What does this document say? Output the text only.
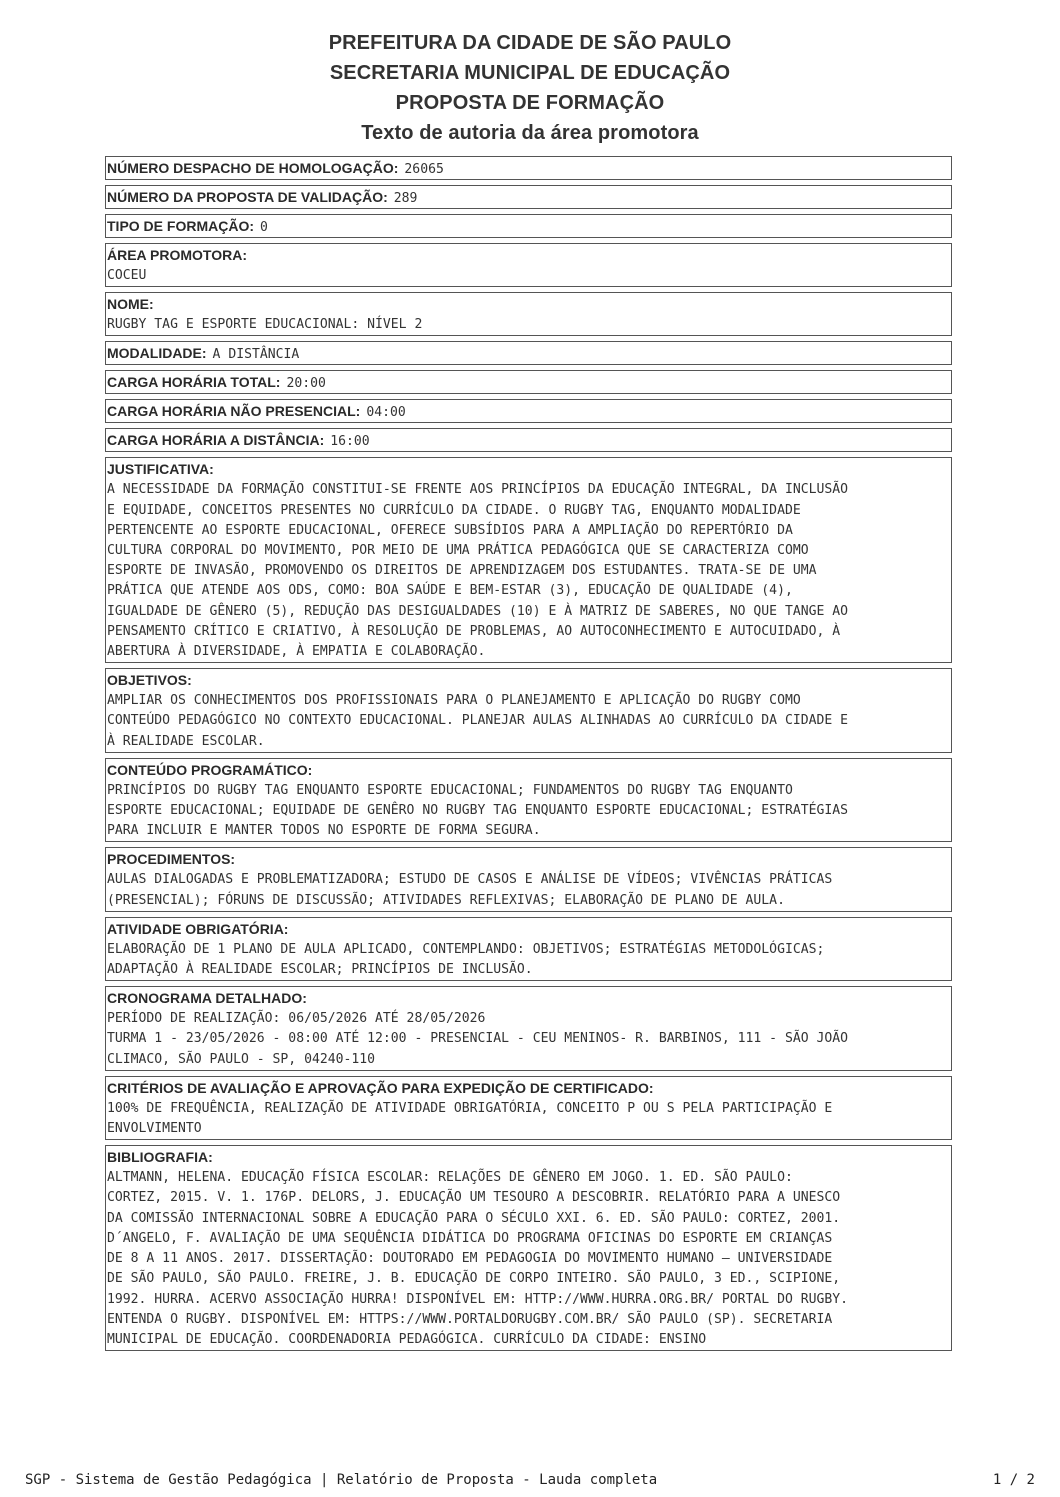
PREFEITURA DA CIDADE DE SÃO PAULO
SECRETARIA MUNICIPAL DE EDUCAÇÃO
PROPOSTA DE FORMAÇÃO
Texto de autoria da área promotora
NÚMERO DESPACHO DE HOMOLOGAÇÃO: 26065
NÚMERO DA PROPOSTA DE VALIDAÇÃO: 289
TIPO DE FORMAÇÃO: 0
ÁREA PROMOTORA:
COCEU
NOME:
RUGBY TAG E ESPORTE EDUCACIONAL: NÍVEL 2
MODALIDADE: A DISTÂNCIA
CARGA HORÁRIA TOTAL: 20:00
CARGA HORÁRIA NÃO PRESENCIAL: 04:00
CARGA HORÁRIA A DISTÂNCIA: 16:00
JUSTIFICATIVA:
A NECESSIDADE DA FORMAÇÃO CONSTITUI-SE FRENTE AOS PRINCÍPIOS DA EDUCAÇÃO INTEGRAL, DA INCLUSÃO
E EQUIDADE, CONCEITOS PRESENTES NO CURRÍCULO DA CIDADE. O RUGBY TAG, ENQUANTO MODALIDADE
PERTENCENTE AO ESPORTE EDUCACIONAL, OFERECE SUBSÍDIOS PARA A AMPLIAÇÃO DO REPERTÓRIO DA
CULTURA CORPORAL DO MOVIMENTO, POR MEIO DE UMA PRÁTICA PEDAGÓGICA QUE SE CARACTERIZA COMO
ESPORTE DE INVASÃO, PROMOVENDO OS DIREITOS DE APRENDIZAGEM DOS ESTUDANTES. TRATA-SE DE UMA
PRÁTICA QUE ATENDE AOS ODS, COMO: BOA SAÚDE E BEM-ESTAR (3), EDUCAÇÃO DE QUALIDADE (4),
IGUALDADE DE GÊNERO (5), REDUÇÃO DAS DESIGUALDADES (10) E À MATRIZ DE SABERES, NO QUE TANGE AO
PENSAMENTO CRÍTICO E CRIATIVO, À RESOLUÇÃO DE PROBLEMAS, AO AUTOCONHECIMENTO E AUTOCUIDADO, À
ABERTURA À DIVERSIDADE, À EMPATIA E COLABORAÇÃO.
OBJETIVOS:
AMPLIAR OS CONHECIMENTOS DOS PROFISSIONAIS PARA O PLANEJAMENTO E APLICAÇÃO DO RUGBY COMO
CONTEÚDO PEDAGÓGICO NO CONTEXTO EDUCACIONAL. PLANEJAR AULAS ALINHADAS AO CURRÍCULO DA CIDADE E
À REALIDADE ESCOLAR.
CONTEÚDO PROGRAMÁTICO:
PRINCÍPIOS DO RUGBY TAG ENQUANTO ESPORTE EDUCACIONAL; FUNDAMENTOS DO RUGBY TAG ENQUANTO
ESPORTE EDUCACIONAL; EQUIDADE DE GENÊRO NO RUGBY TAG ENQUANTO ESPORTE EDUCACIONAL; ESTRATÉGIAS
PARA INCLUIR E MANTER TODOS NO ESPORTE DE FORMA SEGURA.
PROCEDIMENTOS:
AULAS DIALOGADAS E PROBLEMATIZADORA; ESTUDO DE CASOS E ANÁLISE DE VÍDEOS; VIVÊNCIAS PRÁTICAS
(PRESENCIAL); FÓRUNS DE DISCUSSÃO; ATIVIDADES REFLEXIVAS; ELABORAÇÃO DE PLANO DE AULA.
ATIVIDADE OBRIGATÓRIA:
ELABORAÇÃO DE 1 PLANO DE AULA APLICADO, CONTEMPLANDO: OBJETIVOS; ESTRATÉGIAS METODOLÓGICAS;
ADAPTAÇÃO À REALIDADE ESCOLAR; PRINCÍPIOS DE INCLUSÃO.
CRONOGRAMA DETALHADO:
PERÍODO DE REALIZAÇÃO: 06/05/2026 ATÉ 28/05/2026
TURMA 1 - 23/05/2026 - 08:00 ATÉ 12:00 - PRESENCIAL - CEU MENINOS- R. BARBINOS, 111 - SÃO JOÃO
CLIMACO, SÃO PAULO - SP, 04240-110
CRITÉRIOS DE AVALIAÇÃO E APROVAÇÃO PARA EXPEDIÇÃO DE CERTIFICADO:
100% DE FREQUÊNCIA, REALIZAÇÃO DE ATIVIDADE OBRIGATÓRIA, CONCEITO P OU S PELA PARTICIPAÇÃO E
ENVOLVIMENTO
BIBLIOGRAFIA:
ALTMANN, HELENA. EDUCAÇÃO FÍSICA ESCOLAR: RELAÇÕES DE GÊNERO EM JOGO. 1. ED. SÃO PAULO:
CORTEZ, 2015. V. 1. 176P. DELORS, J. EDUCAÇÃO UM TESOURO A DESCOBRIR. RELATÓRIO PARA A UNESCO
DA COMISSÃO INTERNACIONAL SOBRE A EDUCAÇÃO PARA O SÉCULO XXI. 6. ED. SÃO PAULO: CORTEZ, 2001.
D´ANGELO, F. AVALIAÇÃO DE UMA SEQUÊNCIA DIDÁTICA DO PROGRAMA OFICINAS DO ESPORTE EM CRIANÇAS
DE 8 A 11 ANOS. 2017. DISSERTAÇÃO: DOUTORADO EM PEDAGOGIA DO MOVIMENTO HUMANO — UNIVERSIDADE
DE SÃO PAULO, SÃO PAULO. FREIRE, J. B. EDUCAÇÃO DE CORPO INTEIRO. SÃO PAULO, 3 ED., SCIPIONE,
1992. HURRA. ACERVO ASSOCIAÇÃO HURRA! DISPONÍVEL EM: HTTP://WWW.HURRA.ORG.BR/ PORTAL DO RUGBY.
ENTENDA O RUGBY. DISPONÍVEL EM: HTTPS://WWW.PORTALDORUGBY.COM.BR/ SÃO PAULO (SP). SECRETARIA
MUNICIPAL DE EDUCAÇÃO. COORDENADORIA PEDAGÓGICA. CURRÍCULO DA CIDADE: ENSINO
SGP - Sistema de Gestão Pedagógica | Relatório de Proposta - Lauda completa	1 / 2
